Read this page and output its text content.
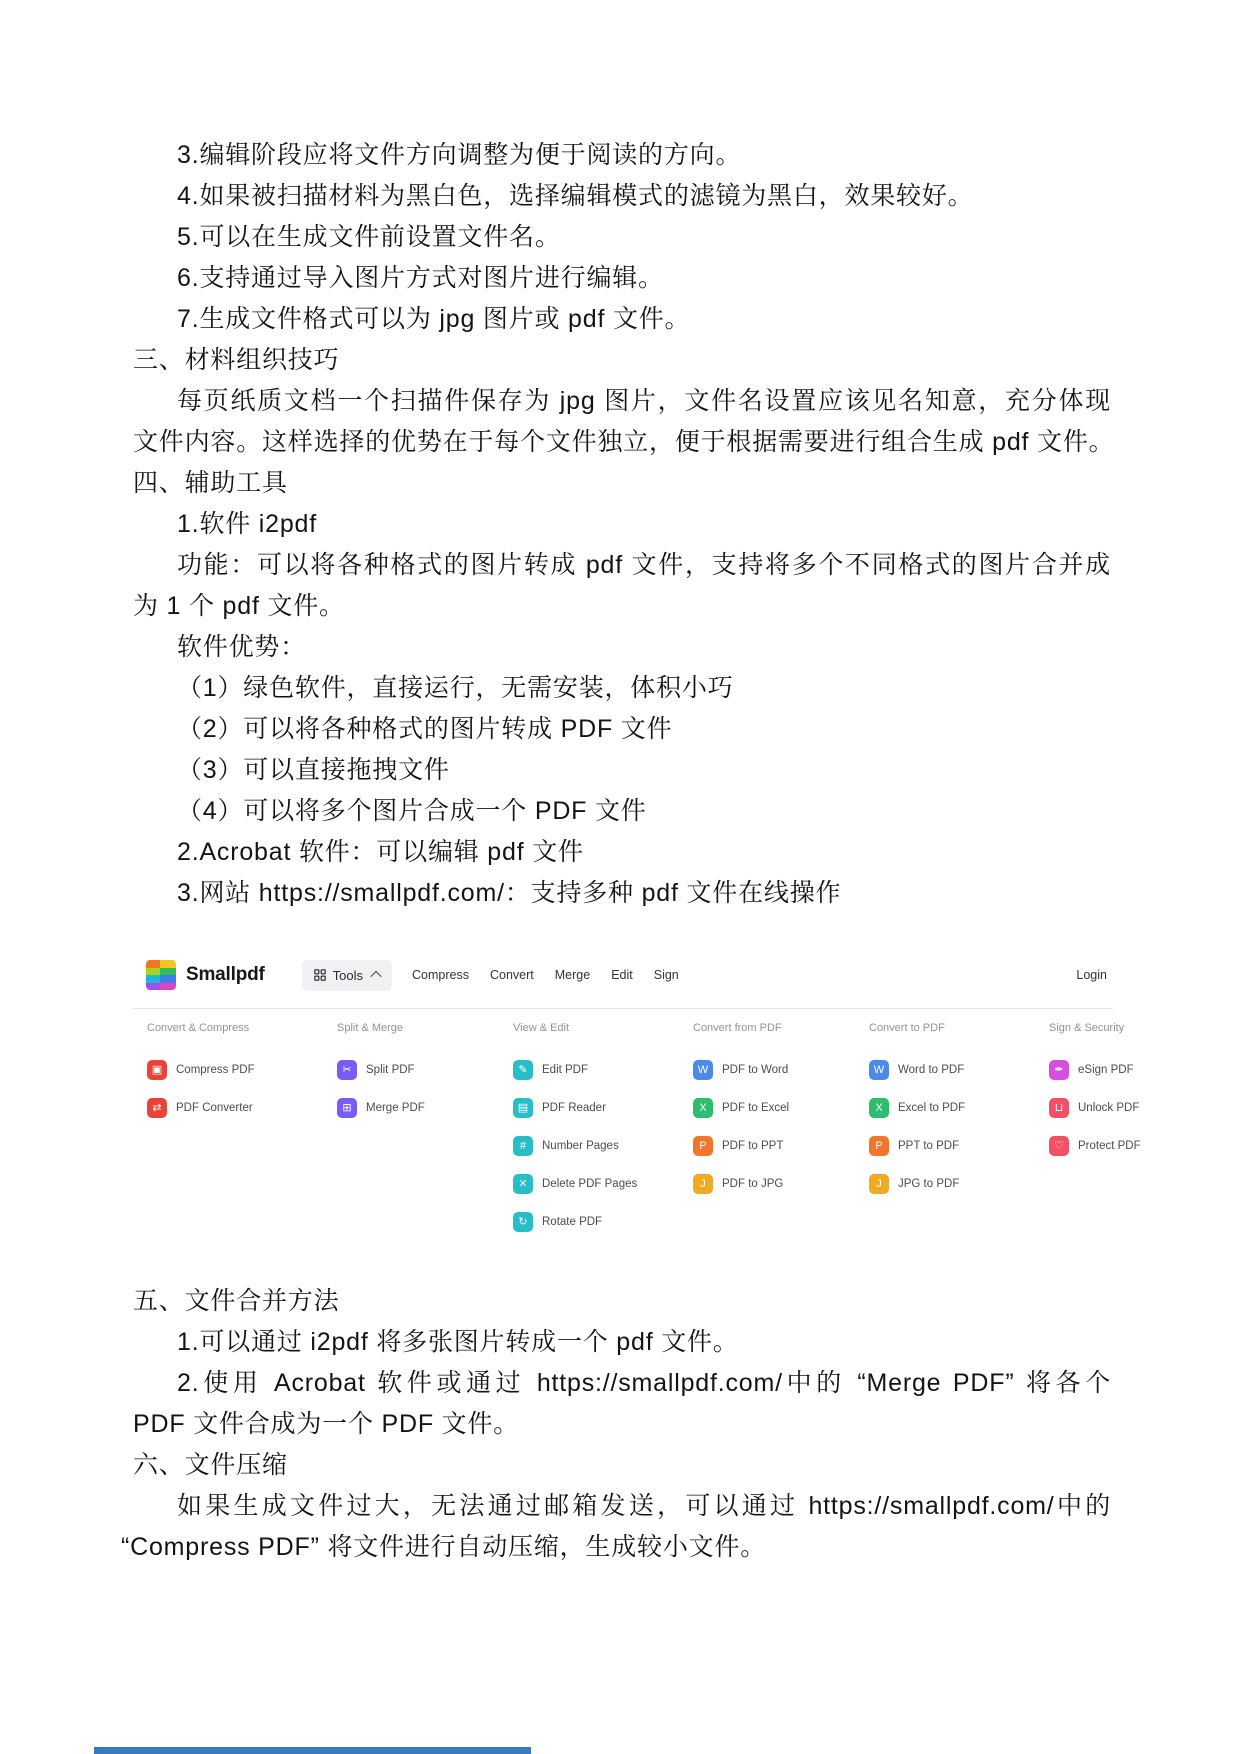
3.编辑阶段应将文件方向调整为便于阅读的方向。
4.如果被扫描材料为黑白色，选择编辑模式的滤镜为黑白，效果较好。
5.可以在生成文件前设置文件名。
6.支持通过导入图片方式对图片进行编辑。
7.生成文件格式可以为 jpg 图片或 pdf 文件。
三、材料组织技巧
每页纸质文档一个扫描件保存为 jpg 图片，文件名设置应该见名知意，充分体现
文件内容。这样选择的优势在于每个文件独立，便于根据需要进行组合生成 pdf 文件。
四、辅助工具
1.软件 i2pdf
功能：可以将各种格式的图片转成 pdf 文件，支持将多个不同格式的图片合并成
为 1 个 pdf 文件。
软件优势：
（1）绿色软件，直接运行，无需安装，体积小巧
（2）可以将各种格式的图片转成 PDF 文件
（3）可以直接拖拽文件
（4）可以将多个图片合成一个 PDF 文件
2.Acrobat 软件：可以编辑 pdf 文件
3.网站 https://smallpdf.com/：支持多种 pdf 文件在线操作
Smallpdf	Tools	Compress	Convert	Merge	Edit	Sign	Login
Convert & Compress
▣	Compress PDF
⇄	PDF Converter
Split & Merge
✂	Split PDF
⊞	Merge PDF
View & Edit
✎	Edit PDF
▤	PDF Reader
#	Number Pages
✕	Delete PDF Pages
↻	Rotate PDF
Convert from PDF
W	PDF to Word
X	PDF to Excel
P	PDF to PPT
J	PDF to JPG
Convert to PDF
W	Word to PDF
X	Excel to PDF
P	PPT to PDF
J	JPG to PDF
Sign & Security
✒	eSign PDF
⊔	Unlock PDF
♡	Protect PDF
五、文件合并方法
1.可以通过 i2pdf 将多张图片转成一个 pdf 文件。
2.使用 Acrobat 软件或通过 https://smallpdf.com/中的 “Merge PDF” 将各个
PDF 文件合成为一个 PDF 文件。
六、文件压缩
如果生成文件过大，无法通过邮箱发送，可以通过 https://smallpdf.com/中的
“Compress PDF” 将文件进行自动压缩，生成较小文件。
